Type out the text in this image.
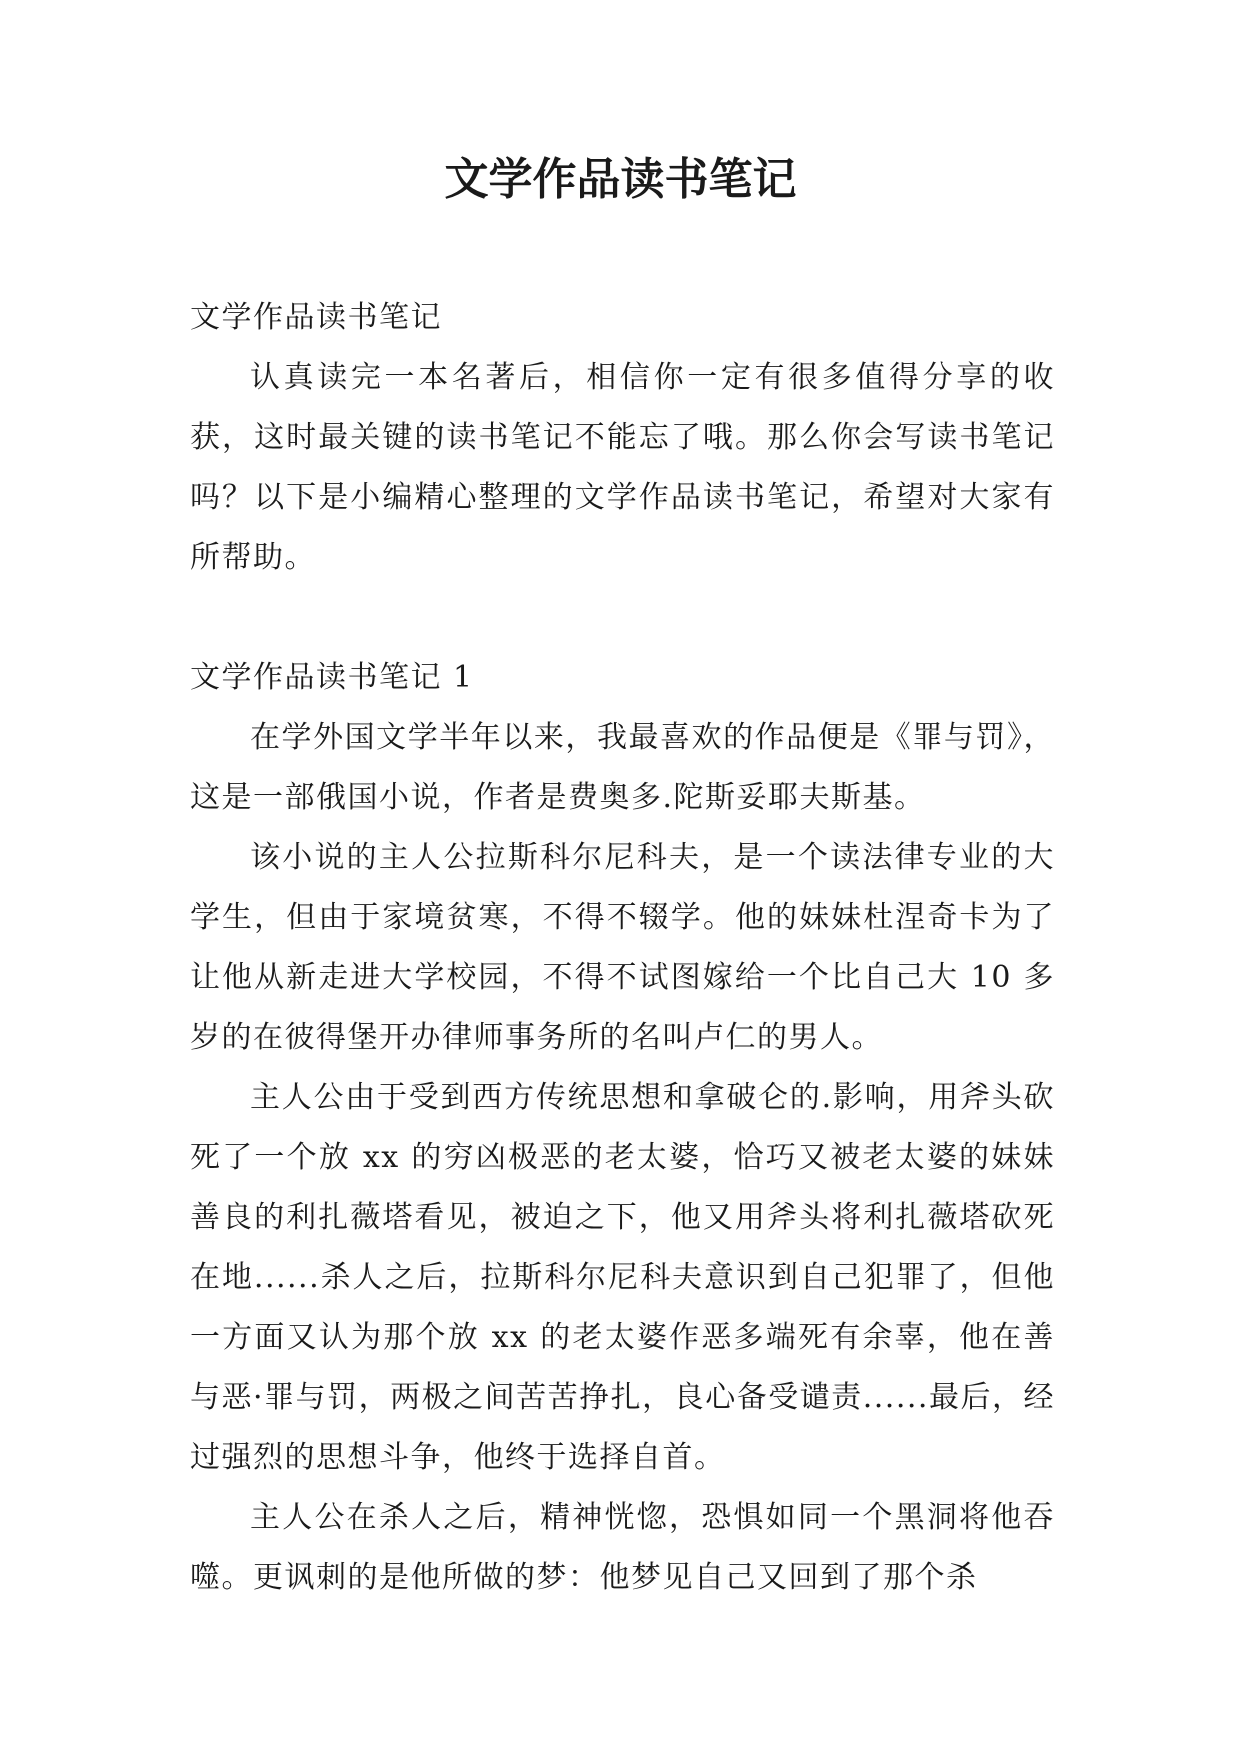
文学作品读书笔记

文学作品读书笔记

认真读完一本名著后，相信你一定有很多值得分享的收获，这时最关键的读书笔记不能忘了哦。那么你会写读书笔记吗？以下是小编精心整理的文学作品读书笔记，希望对大家有所帮助。

文学作品读书笔记 1

在学外国文学半年以来，我最喜欢的作品便是《罪与罚》，这是一部俄国小说，作者是费奥多.陀斯妥耶夫斯基。

该小说的主人公拉斯科尔尼科夫，是一个读法律专业的大学生，但由于家境贫寒，不得不辍学。他的妹妹杜涅奇卡为了让他从新走进大学校园，不得不试图嫁给一个比自己大 10 多岁的在彼得堡开办律师事务所的名叫卢仁的男人。

主人公由于受到西方传统思想和拿破仑的.影响，用斧头砍死了一个放 xx 的穷凶极恶的老太婆，恰巧又被老太婆的妹妹善良的利扎薇塔看见，被迫之下，他又用斧头将利扎薇塔砍死在地......杀人之后，拉斯科尔尼科夫意识到自己犯罪了，但他一方面又认为那个放 xx 的老太婆作恶多端死有余辜，他在善与恶·罪与罚，两极之间苦苦挣扎，良心备受谴责......最后，经过强烈的思想斗争，他终于选择自首。

主人公在杀人之后，精神恍惚，恐惧如同一个黑洞将他吞噬。更讽刺的是他所做的梦：他梦见自己又回到了那个杀
